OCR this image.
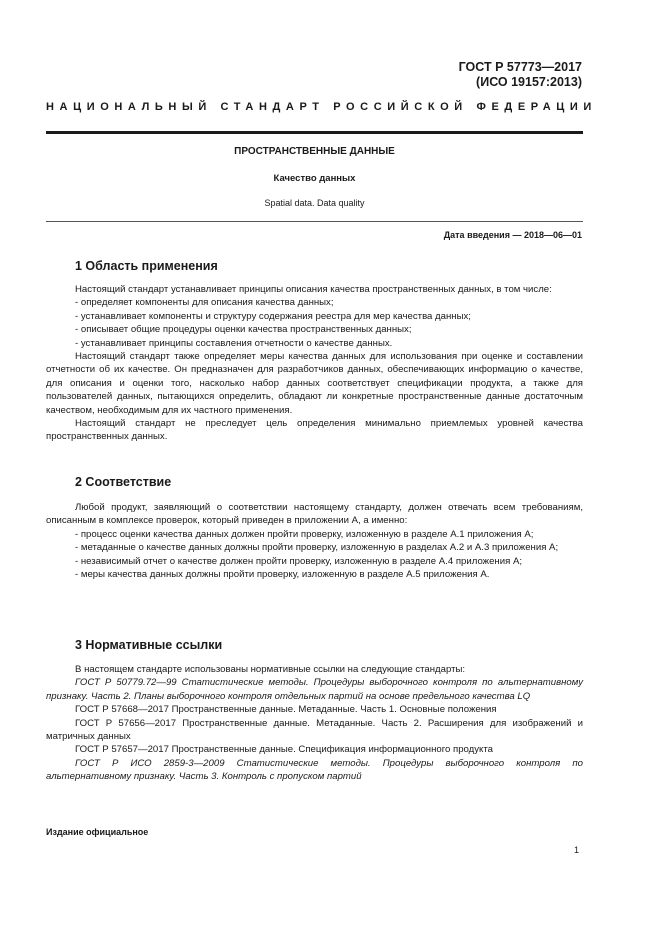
ГОСТ Р 57773—2017
(ИСО 19157:2013)
НАЦИОНАЛЬНЫЙ СТАНДАРТ РОССИЙСКОЙ ФЕДЕРАЦИИ
ПРОСТРАНСТВЕННЫЕ ДАННЫЕ
Качество данных
Spatial data. Data quality
Дата введения — 2018—06—01
1 Область применения

Настоящий стандарт устанавливает принципы описания качества пространственных данных, в том числе:

- определяет компоненты для описания качества данных;

- устанавливает компоненты и структуру содержания реестра для мер качества данных;

- описывает общие процедуры оценки качества пространственных данных;

- устанавливает принципы составления отчетности о качестве данных.

Настоящий стандарт также определяет меры качества данных для использования при оценке и составлении отчетности об их качестве. Он предназначен для разработчиков данных, обеспечивающих информацию о качестве, для описания и оценки того, насколько набор данных соответствует спецификации продукта, а также для пользователей данных, пытающихся определить, обладают ли конкретные пространственные данные достаточным качеством, необходимым для их частного применения.

Настоящий стандарт не преследует цель определения минимально приемлемых уровней качества пространственных данных.

2 Соответствие

Любой продукт, заявляющий о соответствии настоящему стандарту, должен отвечать всем требованиям, описанным в комплексе проверок, который приведен в приложении А, а именно:

- процесс оценки качества данных должен пройти проверку, изложенную в разделе А.1 приложения А;

- метаданные о качестве данных должны пройти проверку, изложенную в разделах А.2 и А.3 приложения А;

- независимый отчет о качестве должен пройти проверку, изложенную в разделе А.4 приложения А;

- меры качества данных должны пройти проверку, изложенную в разделе А.5 приложения А.

3 Нормативные ссылки

В настоящем стандарте использованы нормативные ссылки на следующие стандарты:

ГОСТ Р 50779.72—99 Статистические методы. Процедуры выборочного контроля по альтернативному признаку. Часть 2. Планы выборочного контроля отдельных партий на основе предельного качества LQ

ГОСТ Р 57668—2017 Пространственные данные. Метаданные. Часть 1. Основные положения

ГОСТ Р 57656—2017 Пространственные данные. Метаданные. Часть 2. Расширения для изображений и матричных данных

ГОСТ Р 57657—2017 Пространственные данные. Спецификация информационного продукта

ГОСТ Р ИСО 2859-3—2009 Статистические методы. Процедуры выборочного контроля по альтернативному признаку. Часть 3. Контроль с пропуском партий

Издание официальное
1
